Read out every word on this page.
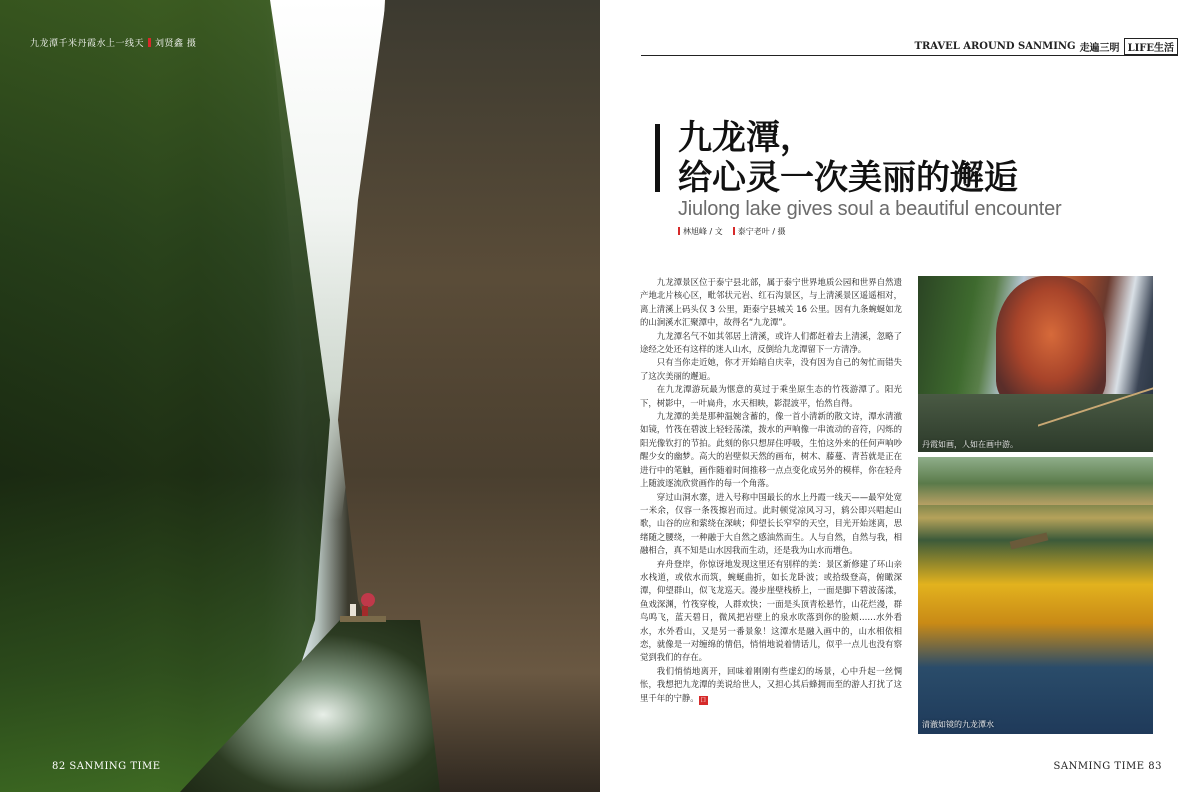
九龙潭千米丹霞水上一线天 刘贤鑫 摄
82 SANMING TIME
TRAVEL AROUND SANMING 走遍三明 LIFE生活
九龙潭，
给心灵一次美丽的邂逅
Jiulong lake gives soul a beautiful encounter
林旭峰 / 文	泰宁老叶 / 摄

九龙潭景区位于泰宁县北部，属于泰宁世界地质公园和世界自然遗产地北片核心区，毗邻状元岩、红石沟景区，与上清溪景区遥遥相对，离上清溪上码头仅 3 公里，距泰宁县城关 16 公里。因有九条蜿蜒如龙的山涧溪水汇聚潭中，故得名“九龙潭”。

九龙潭名气不如其邻居上清溪，或许人们都赶着去上清溪，忽略了途经之处还有这样的迷人山水，反倒给九龙潭留下一方清净。

只有当你走近她，你才开始暗自庆幸，没有因为自己的匆忙而错失了这次美丽的邂逅。

在九龙潭游玩最为惬意的莫过于乘坐原生态的竹筏游潭了。阳光下，树影中，一叶扁舟，水天相映，影混波平，怡然自得。

九龙潭的美是那种温婉含蓄的，像一首小清新的散文诗，潭水清澈如镜，竹筏在碧波上轻轻荡漾，拨水的声响像一串流动的音符，闪烁的阳光像钦打的节拍。此刻的你只想屏住呼吸，生怕这外来的任何声响吵醒少女的幽梦。高大的岩壁似天然的画布，树木、藤蔓、青苔就是正在进行中的笔触，画作随着时间推移一点点变化成另外的模样，你在轻舟上随波逐流欣赏画作的每一个角落。

穿过山洞水寨，进入号称中国最长的水上丹霞一线天——最窄处宽一米余，仅容一条筏擦岩而过。此时顿觉凉风习习，鸫公即兴唱起山歌，山谷的应和萦绕在深峡；仰望长长窄窄的天空，目光开始迷离，思绪随之腰绕，一种融于大自然之感油然而生。人与自然，自然与我，相融相合，真不知是山水因我而生动，还是我为山水而增色。

弃舟登岸，你惊讶地发现这里还有别样的美：景区新修建了环山亲水栈道，或依水而筑，蜿蜒曲折，如长龙卧波；或拾级登高，俯瞰深潭，仰望群山，似飞龙巡天。漫步崖壁栈桥上，一面是脚下碧波荡漾，鱼戏深渊，竹筏穿梭，人群欢快；一面是头顶青松悬竹，山花烂漫，群鸟鸣飞，蓝天碧日，微风把岩壁上的泉水吹落到你的脸颊……水外看水，水外看山，又是另一番景象！这潭水是融入画中的，山水相依相恋，就像是一对缠绵的情侣，悄悄地说着情话儿，似乎一点儿也没有察觉到我们的存在。

我们悄悄地离开，回味着刚刚有些虚幻的场景，心中升起一丝惆怅，我想把九龙潭的美说给世人，又担心其后蜂拥而至的游人打扰了这里千年的宁静。口

丹霞如画，人如在画中游。
清澈如镜的九龙潭水
SANMING TIME 83
